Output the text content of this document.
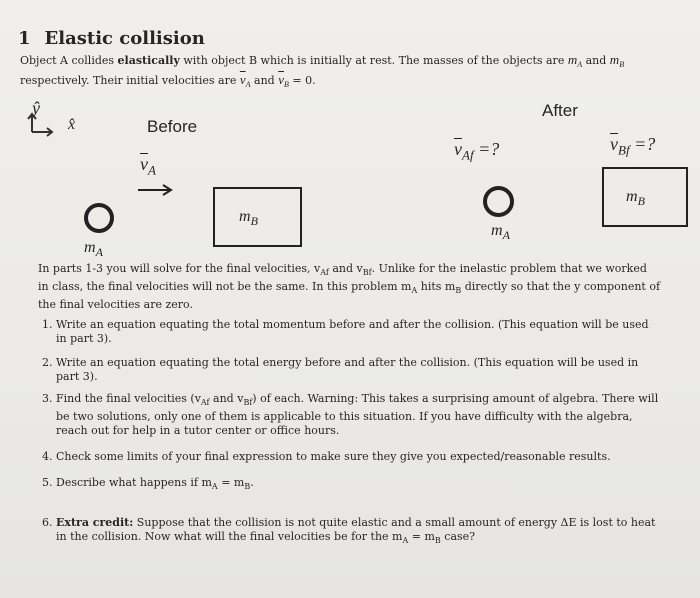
1 Elastic collision
Object A collides elastically with object B which is initially at rest. The masses of the objects are $m_A$ and $m_B$
respectively. Their initial velocities are $\overline{v}_A$ and $\overline{v}_B = 0$.
ŷ
x̂	Before
After
$\overline{v}_A$
$m_A$
$m_B$
$\overline{v}_{Af}$ =?	$\overline{v}_{Bf}$ =?
$m_A$
$m_B$
In parts 1-3 you will solve for the final velocities, $v_{Af}$ and $v_{Bf}$. Unlike for the inelastic problem that we worked
in class, the final velocities will not be the same. In this problem $m_A$ hits $m_B$ directly so that the y component of
the final velocities are zero.
1. Write an equation equating the total momentum before and after the collision. (This equation will be used in part 3).
2. Write an equation equating the total energy before and after the collision. (This equation will be used in part 3).
3. Find the final velocities ($v_{Af}$ and $v_{Bf}$) of each. Warning: This takes a surprising amount of algebra. There will be two solutions, only one of them is applicable to this situation. If you have difficulty with the algebra, reach out for help in a tutor center or office hours.
4. Check some limits of your final expression to make sure they give you expected/reasonable results.
5. Describe what happens if $m_A = m_B$.
6. Extra credit: Suppose that the collision is not quite elastic and a small amount of energy ΔE is lost to heat in the collision. Now what will the final velocities be for the $m_A = m_B$ case?
